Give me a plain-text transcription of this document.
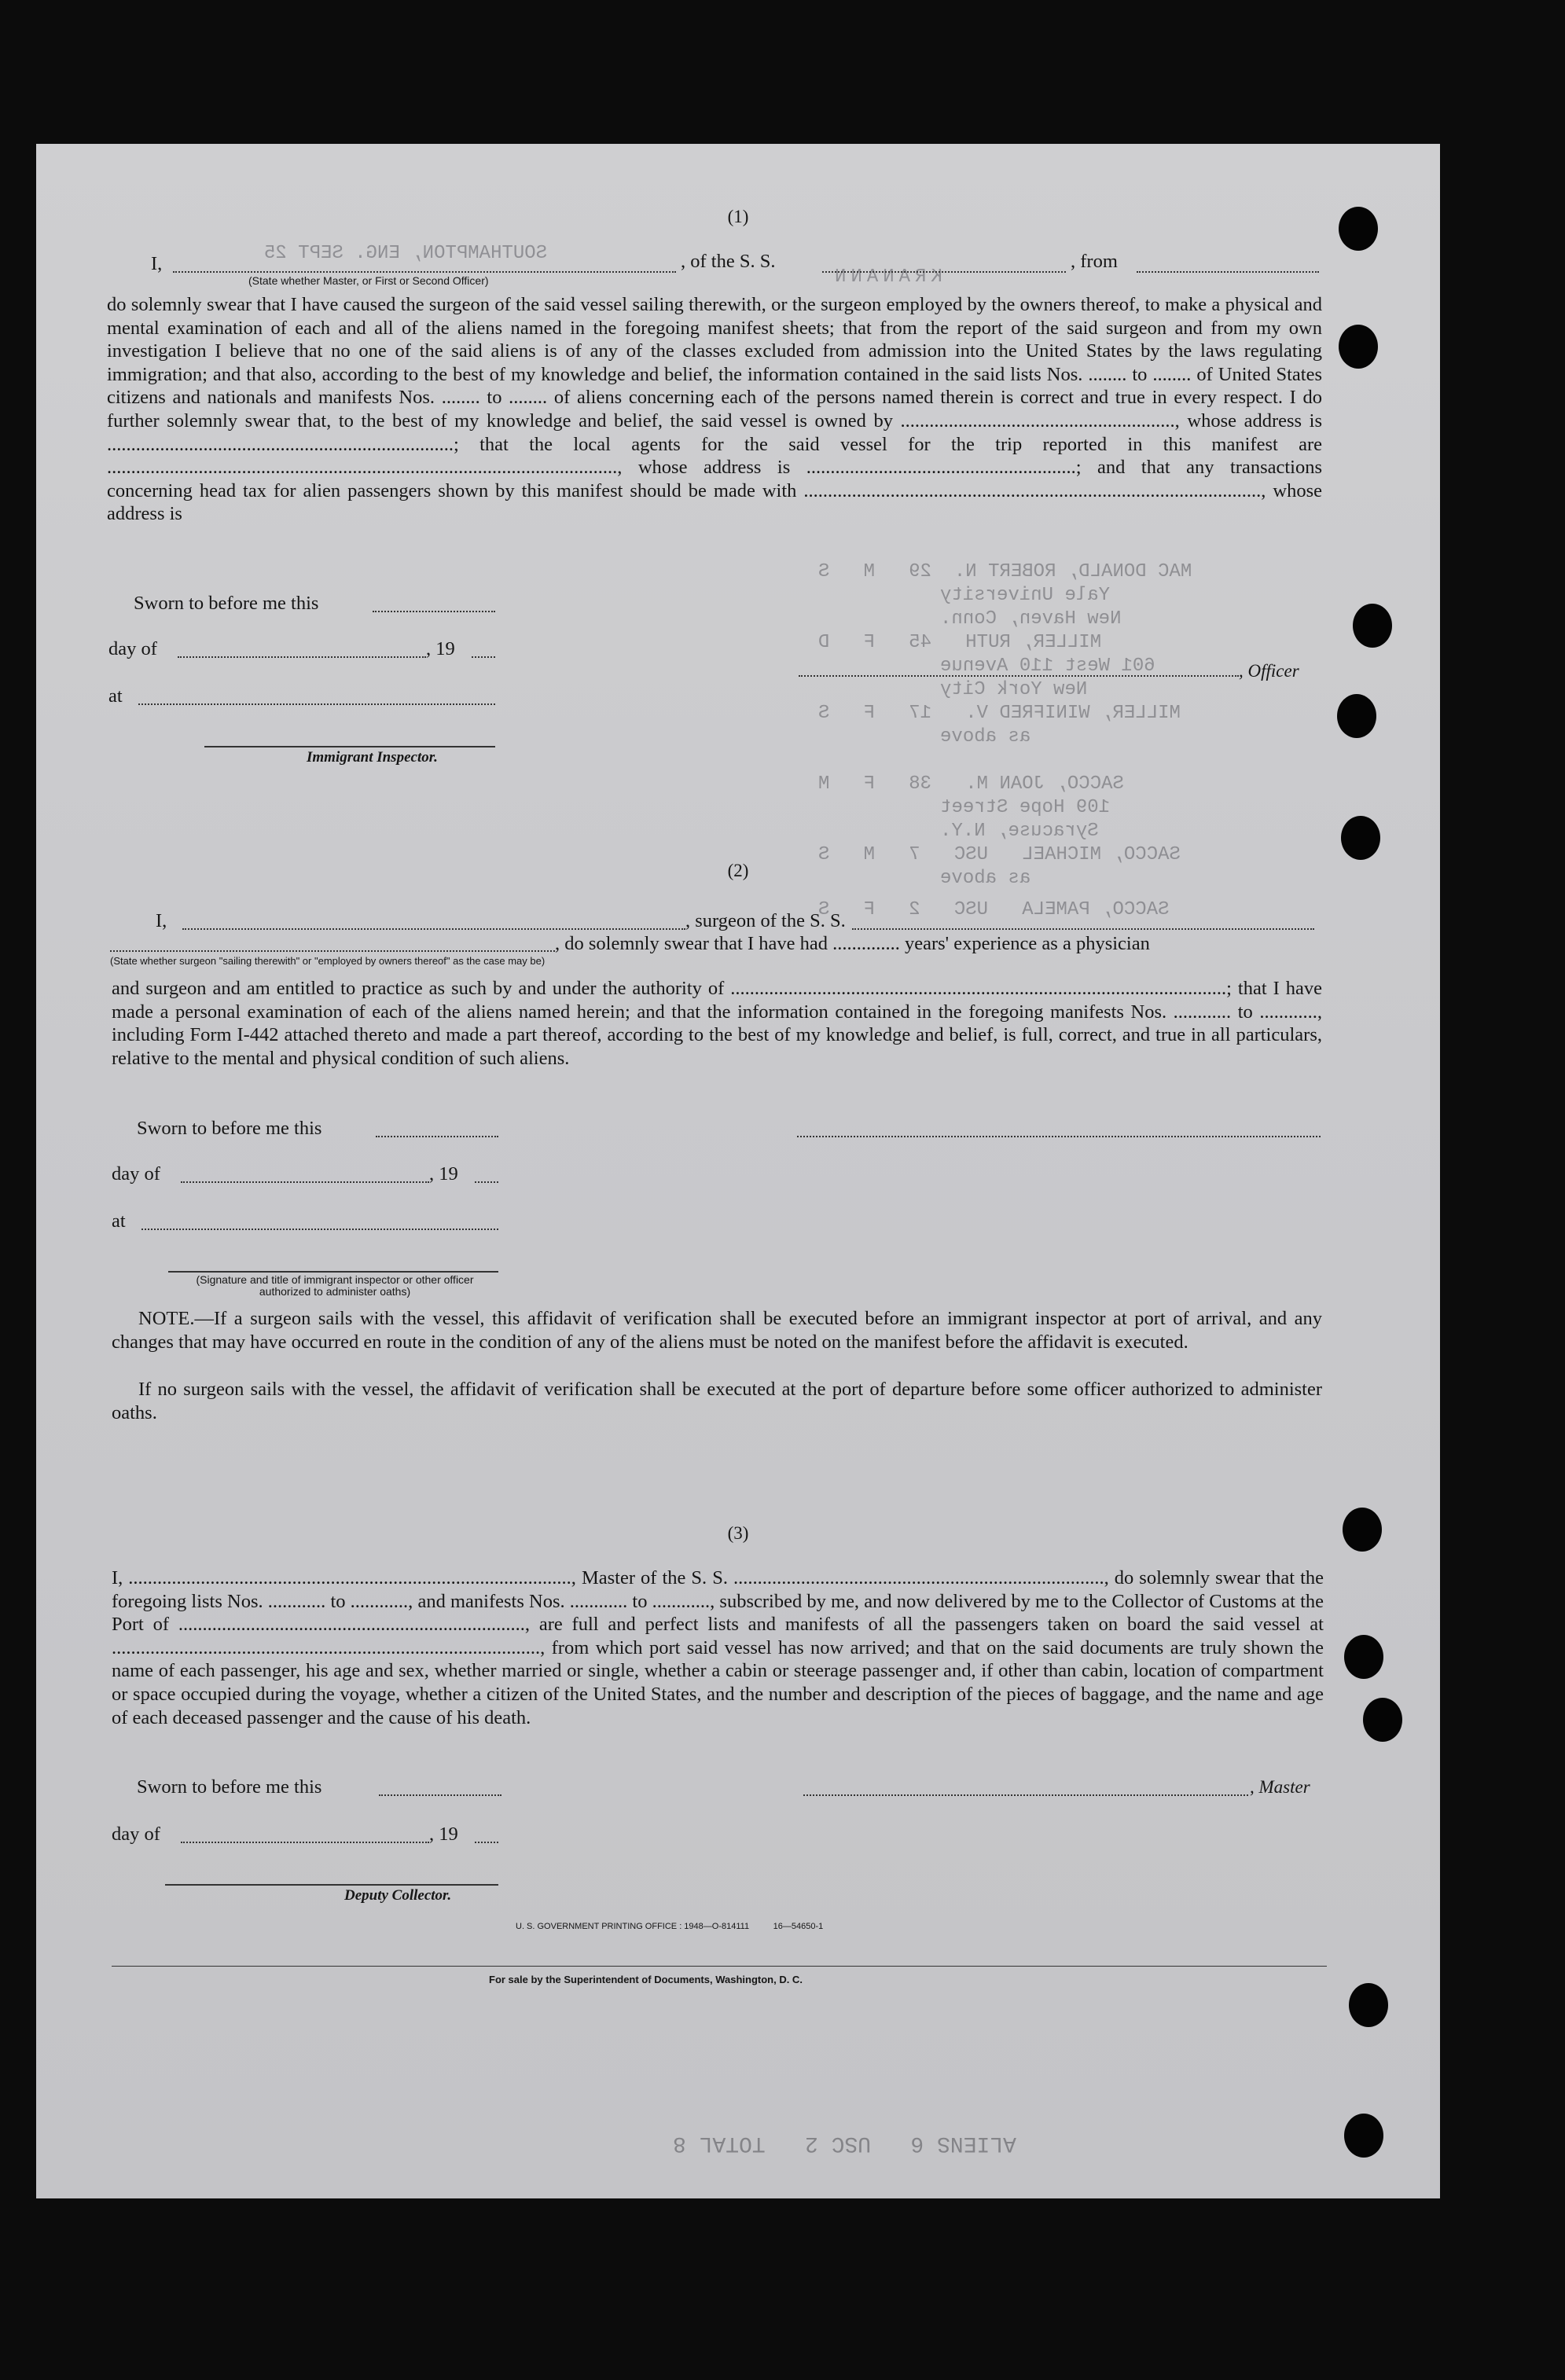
SOUTHAMPTON, ENG. SEPT 25
KRANANN
MAC DONALD, ROBERT N.  29   M   S
Yale University
New Haven, Conn.
MILLER, RUTH   45   F   D
601 West 110 Avenue
New York City
MILLER, WINIFRED V.   17   F   S
as above
SACCO, JOAN M.   38   F   M
109 Hope Street
Syracuse, N.Y.
SACCO, MICHAEL   USC   7   M   S
as above
SACCO, PAMELA   USC   2   F   S
ALIENS 6   USC 2   TOTAL 8
(1)
I,	, of the S. S.	, from
(State whether Master, or First or Second Officer)
do solemnly swear that I have caused the surgeon of the said vessel sailing therewith, or the surgeon employed by the owners thereof, to make a physical and mental examination of each and all of the aliens named in the foregoing manifest sheets; that from the report of the said surgeon and from my own investigation I believe that no one of the said aliens is of any of the classes excluded from admission into the United States by the laws regulating immigration; and that also, according to the best of my knowledge and belief, the information contained in the said lists Nos. ........ to ........ of United States citizens and nationals and manifests Nos. ........ to ........ of aliens concerning each of the persons named therein is correct and true in every respect. I do further solemnly swear that, to the best of my knowledge and belief, the said vessel is owned by ........................................................., whose address is ........................................................................; that the local agents for the said vessel for the trip reported in this manifest are .........................................................................................................., whose address is ........................................................; and that any transactions concerning head tax for alien passengers shown by this manifest should be made with ..............................................................................................., whose address is
Sworn to before me this
day of	, 19
at
Immigrant Inspector.
, Officer
(2)
I,	, surgeon of the S. S.
, do solemnly swear that I have had .............. years' experience as a physician
(State whether surgeon "sailing therewith" or "employed by owners thereof" as the case may be)
and surgeon and am entitled to practice as such by and under the authority of .......................................................................................................; that I have made a personal examination of each of the aliens named herein; and that the information contained in the foregoing manifests Nos. ............ to ............, including Form I-442 attached thereto and made a part thereof, according to the best of my knowledge and belief, is full, correct, and true in all particulars, relative to the mental and physical condition of such aliens.
Sworn to before me this
day of	, 19
at
(Signature and title of immigrant inspector or other officer authorized to administer oaths)
NOTE.—If a surgeon sails with the vessel, this affidavit of verification shall be executed before an immigrant inspector at port of arrival, and any changes that may have occurred en route in the condition of any of the aliens must be noted on the manifest before the affidavit is executed.
If no surgeon sails with the vessel, the affidavit of verification shall be executed at the port of departure before some officer authorized to administer oaths.
(3)
I, ............................................................................................, Master of the S. S. ............................................................................., do solemnly swear that the foregoing lists Nos. ............ to ............, and manifests Nos. ............ to ............, subscribed by me, and now delivered by me to the Collector of Customs at the Port of ........................................................................, are full and perfect lists and manifests of all the passengers taken on board the said vessel at ........................................................................................., from which port said vessel has now arrived; and that on the said documents are truly shown the name of each passenger, his age and sex, whether married or single, whether a cabin or steerage passenger and, if other than cabin, location of compartment or space occupied during the voyage, whether a citizen of the United States, and the number and description of the pieces of baggage, and the name and age of each deceased passenger and the cause of his death.
Sworn to before me this	, Master
day of	, 19
Deputy Collector.
U. S. GOVERNMENT PRINTING OFFICE : 1948—O-814111          16—54650-1
For sale by the Superintendent of Documents, Washington, D. C.
